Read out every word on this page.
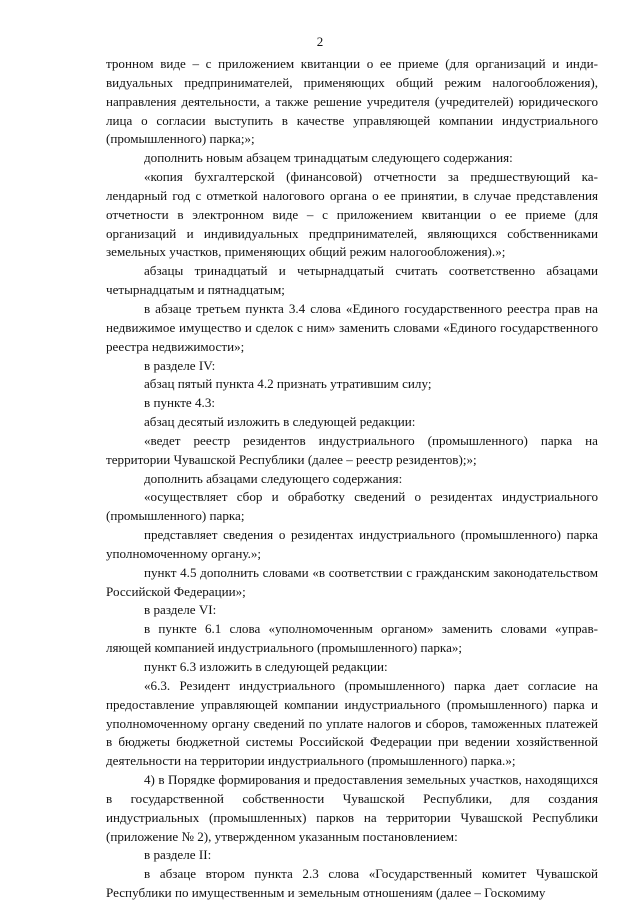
2

тронном виде – с приложением квитанции о ее приеме (для организаций и индивидуальных предпринимателей, применяющих общий режим налогообложения), направления деятельности, а также решение учредителя (учредителей) юридического лица о согласии выступить в качестве управляющей компании индустриального (промышленного) парка;»;

дополнить новым абзацем тринадцатым следующего содержания:

«копия бухгалтерской (финансовой) отчетности за предшествующий календарный год с отметкой налогового органа о ее принятии, в случае представления отчетности в электронном виде – с приложением квитанции о ее приеме (для организаций и индивидуальных предпринимателей, являющихся собственниками земельных участков, применяющих общий режим налогообложения).»;

абзацы тринадцатый и четырнадцатый считать соответственно абзацами четырнадцатым и пятнадцатым;

в абзаце третьем пункта 3.4 слова «Единого государственного реестра прав на недвижимое имущество и сделок с ним» заменить словами «Единого государственного реестра недвижимости»;

в разделе IV:

абзац пятый пункта 4.2 признать утратившим силу;

в пункте 4.3:

абзац десятый изложить в следующей редакции:

«ведет реестр резидентов индустриального (промышленного) парка на территории Чувашской Республики (далее – реестр резидентов);»;

дополнить абзацами следующего содержания:

«осуществляет сбор и обработку сведений о резидентах индустриального (промышленного) парка;

представляет сведения о резидентах индустриального (промышленного) парка уполномоченному органу.»;

пункт 4.5 дополнить словами «в соответствии с гражданским законодательством Российской Федерации»;

в разделе VI:

в пункте 6.1 слова «уполномоченным органом» заменить словами «управляющей компанией индустриального (промышленного) парка»;

пункт 6.3 изложить в следующей редакции:

«6.3. Резидент индустриального (промышленного) парка дает согласие на предоставление управляющей компании индустриального (промышленного) парка и уполномоченному органу сведений по уплате налогов и сборов, таможенных платежей в бюджеты бюджетной системы Российской Федерации при ведении хозяйственной деятельности на территории индустриального (промышленного) парка.»;

4) в Порядке формирования и предоставления земельных участков, находящихся в государственной собственности Чувашской Республики, для создания индустриальных (промышленных) парков на территории Чувашской Республики (приложение № 2), утвержденном указанным постановлением:

в разделе II:

в абзаце втором пункта 2.3 слова «Государственный комитет Чувашской Республики по имущественным и земельным отношениям (далее – Госкомиму
